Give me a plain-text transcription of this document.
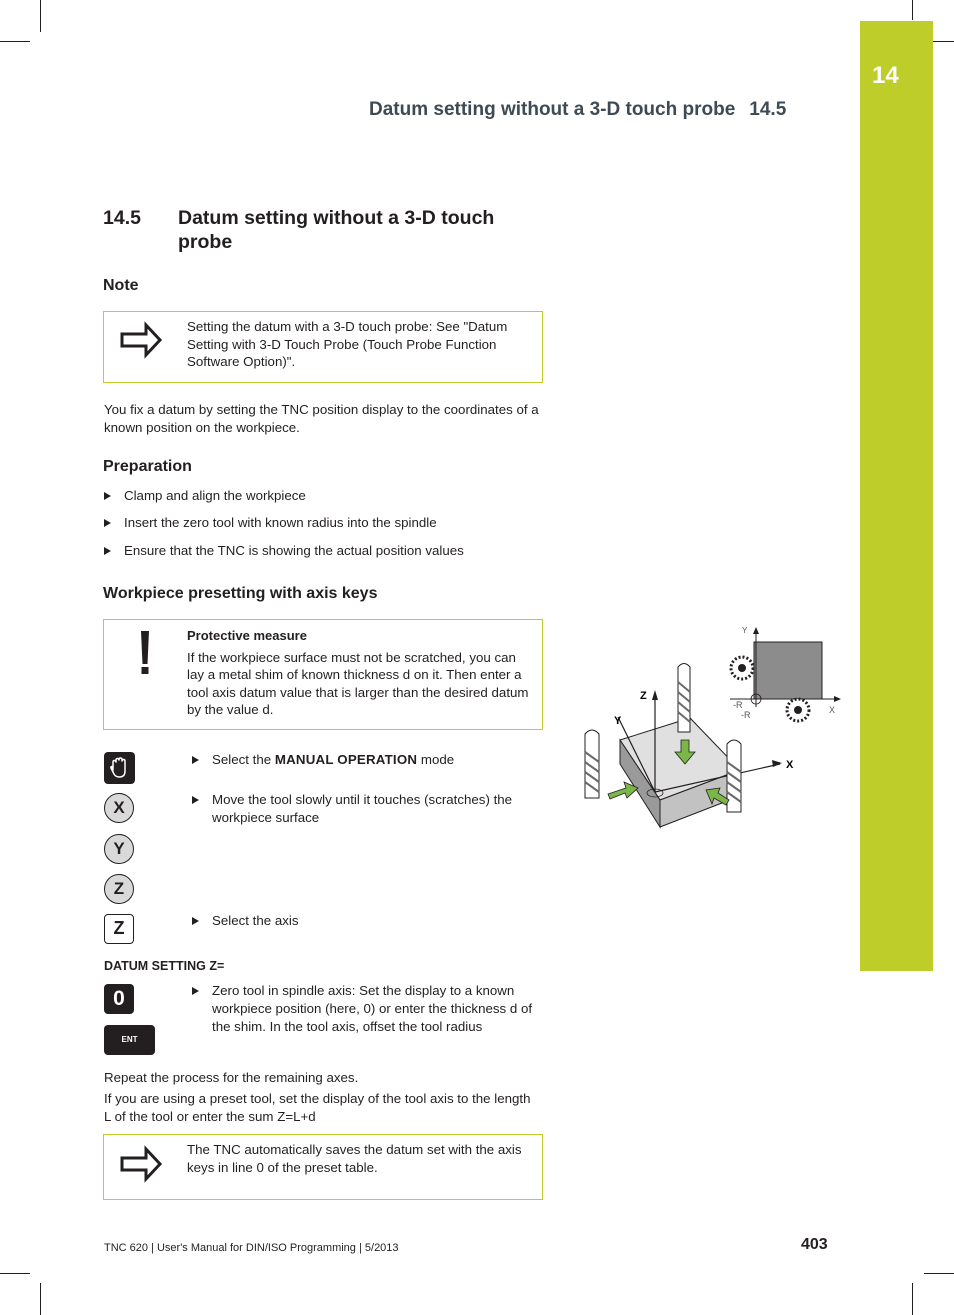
14
Datum setting without a 3-D touch probe 14.5
14.5 Datum setting without a 3-D touch probe
Note
Setting the datum with a 3-D touch probe: See "Datum Setting with 3-D Touch Probe (Touch Probe Function Software Option)".
You fix a datum by setting the TNC position display to the coordinates of a known position on the workpiece.
Preparation
Clamp and align the workpiece
Insert the zero tool with known radius into the spindle
Ensure that the TNC is showing the actual position values
Workpiece presetting with axis keys
Protective measure
If the workpiece surface must not be scratched, you can lay a metal shim of known thickness d on it. Then enter a tool axis datum value that is larger than the desired datum by the value d.
X
Y
Z
Z
0
ENT
Select the MANUAL OPERATION mode
Move the tool slowly until it touches (scratches) the workpiece surface
Select the axis
DATUM SETTING Z=
Zero tool in spindle axis: Set the display to a known workpiece position (here, 0) or enter the thickness d of the shim. In the tool axis, offset the tool radius
Repeat the process for the remaining axes.
If you are using a preset tool, set the display of the tool axis to the length L of the tool or enter the sum Z=L+d
The TNC automatically saves the datum set with the axis keys in line 0 of the preset table.
Y
X
-R
-R
Z
Y
X
TNC 620 | User's Manual for DIN/ISO Programming | 5/2013	403
